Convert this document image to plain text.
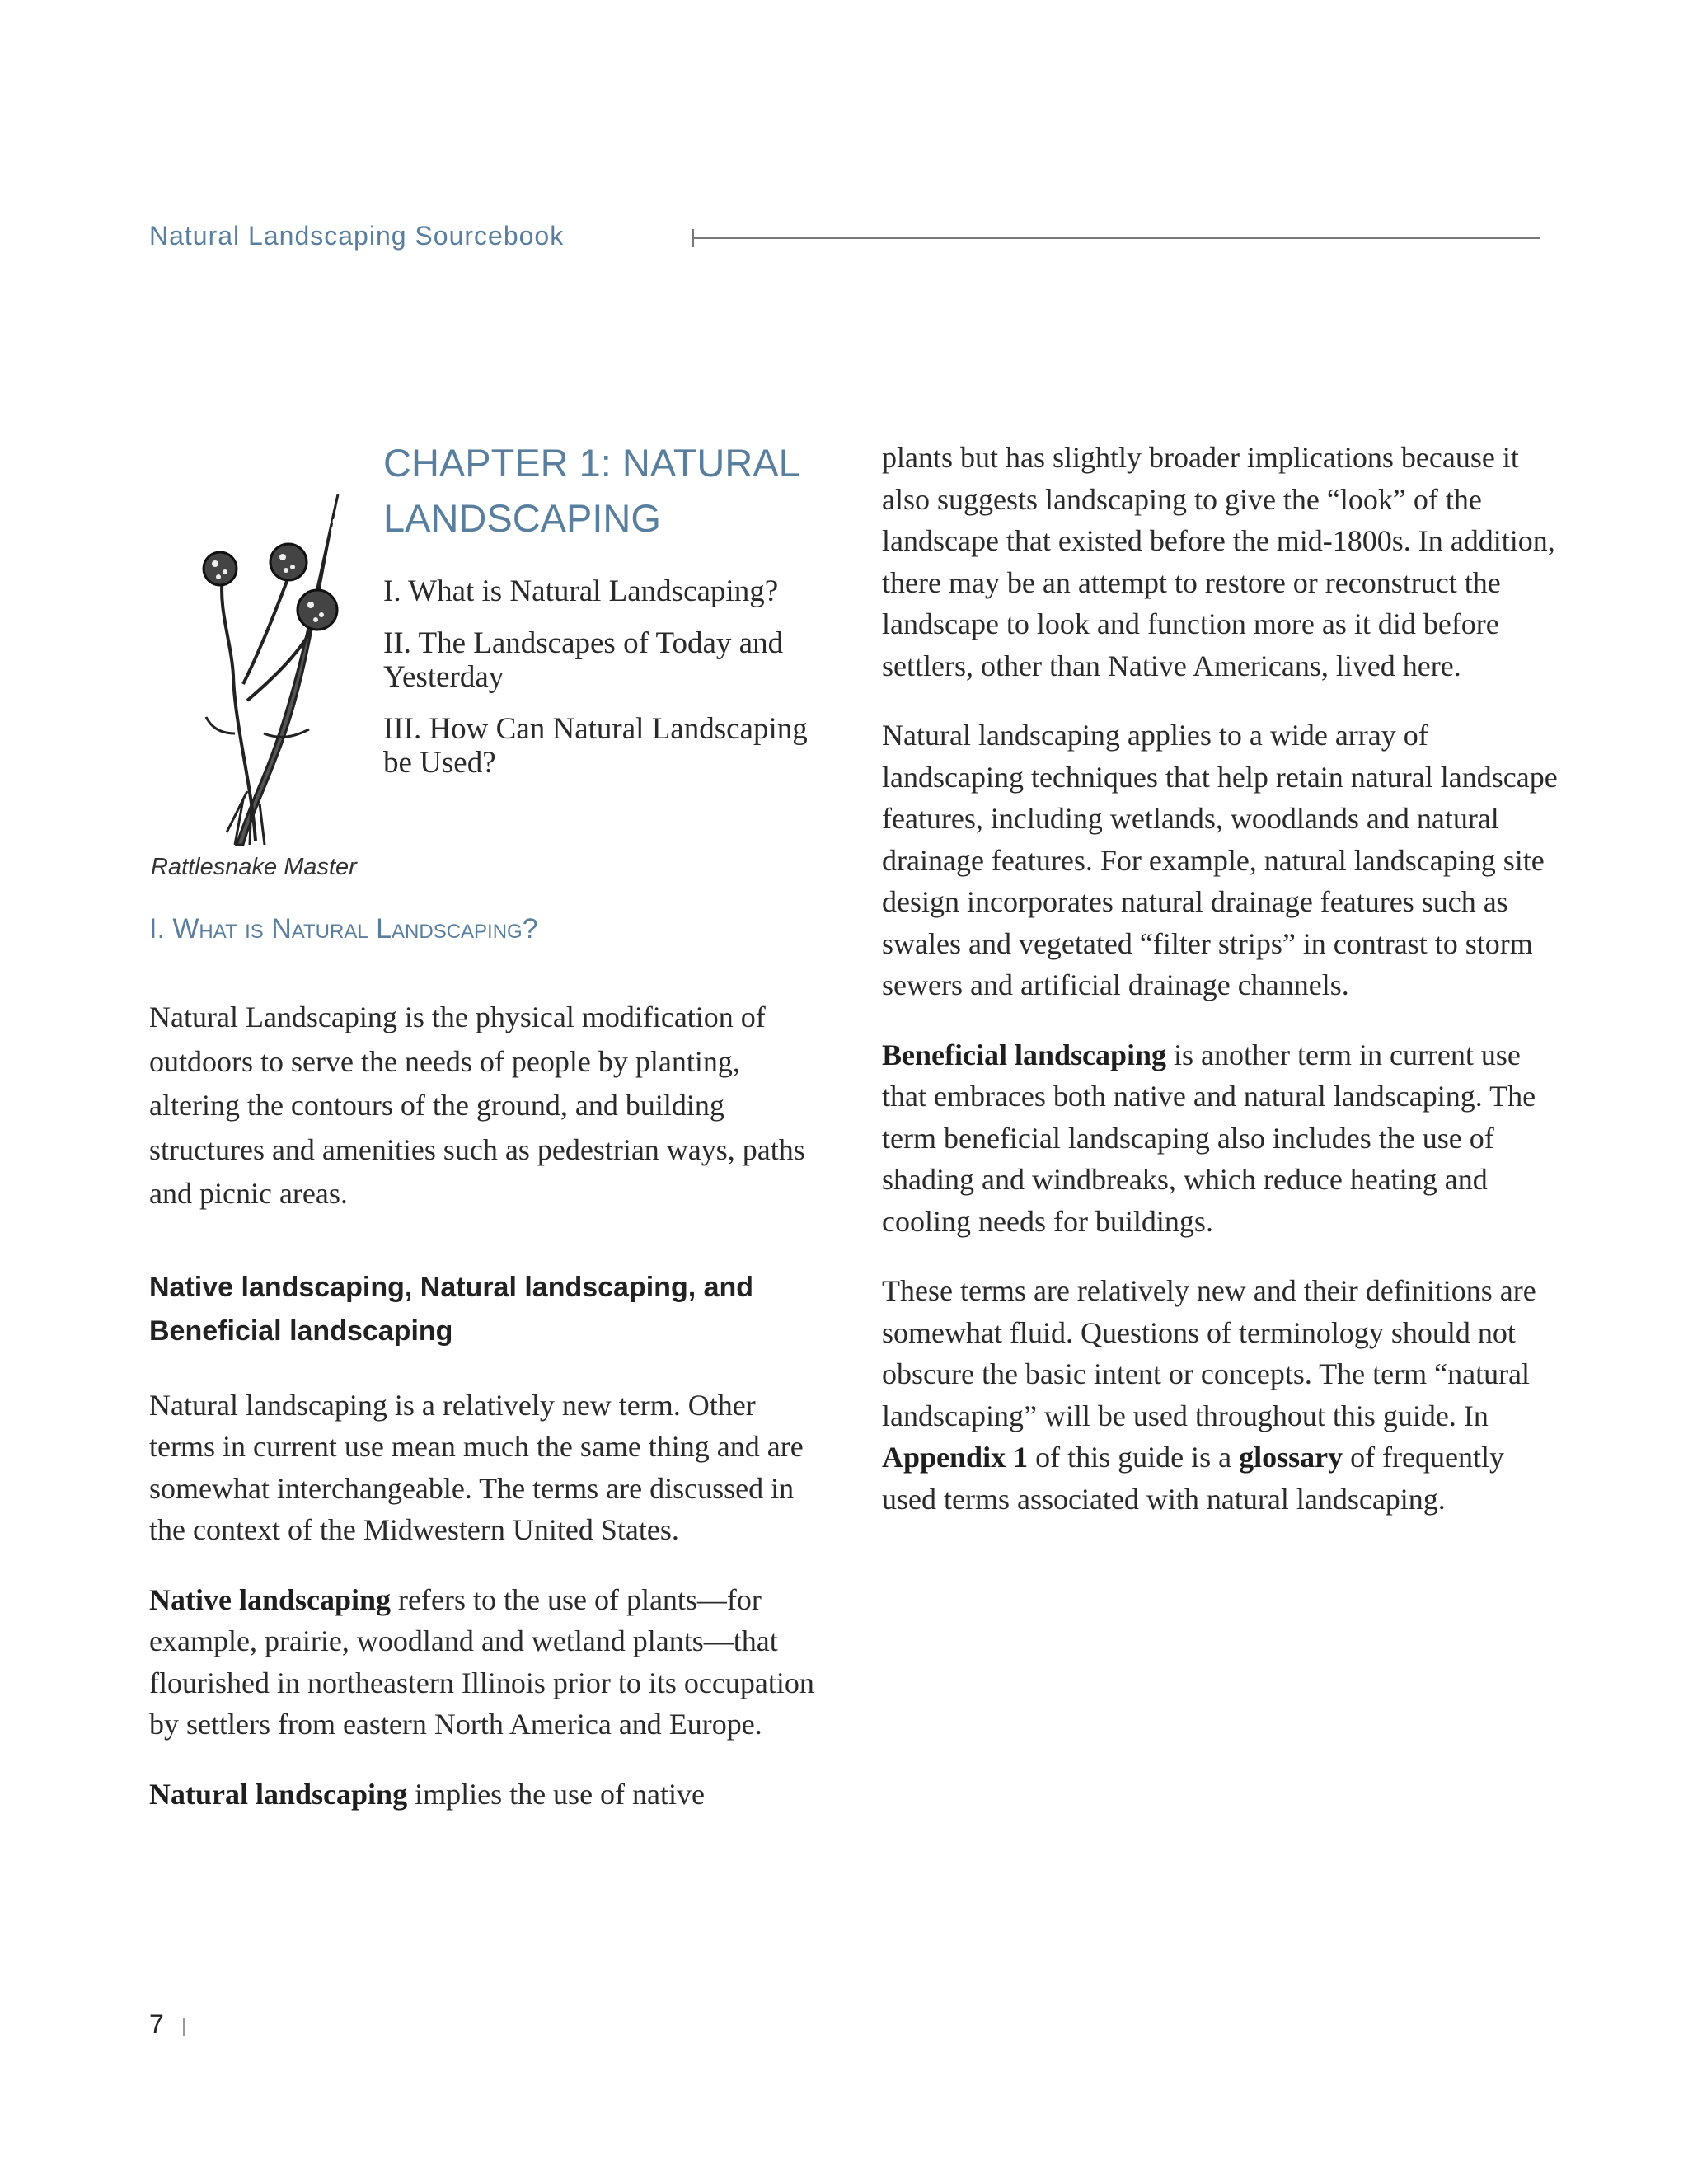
Natural Landscaping Sourcebook
Rattlesnake Master
CHAPTER 1: NATURAL LANDSCAPING
I. What is Natural Landscaping?
II. The Landscapes of Today and Yesterday
III. How Can Natural Landscaping be Used?
I. What is Natural Landscaping?

Natural Landscaping is the physical modification of outdoors to serve the needs of people by planting, altering the contours of the ground, and building structures and amenities such as pedestrian ways, paths and picnic areas.

Native landscaping, Natural landscaping, and Beneficial landscaping

Natural landscaping is a relatively new term. Other terms in current use mean much the same thing and are somewhat interchangeable. The terms are discussed in the context of the Midwestern United States.

Native landscaping refers to the use of plants—for example, prairie, woodland and wetland plants—that flourished in northeastern Illinois prior to its occupation by settlers from eastern North America and Europe.

Natural landscaping implies the use of native

plants but has slightly broader implications because it also suggests landscaping to give the “look” of the landscape that existed before the mid-1800s. In addition, there may be an attempt to restore or reconstruct the landscape to look and function more as it did before settlers, other than Native Americans, lived here.

Natural landscaping applies to a wide array of landscaping techniques that help retain natural landscape features, including wetlands, woodlands and natural drainage features. For example, natural landscaping site design incorporates natural drainage features such as swales and vegetated “filter strips” in contrast to storm sewers and artificial drainage channels.

Beneficial landscaping is another term in current use that embraces both native and natural landscaping. The term beneficial landscaping also includes the use of shading and windbreaks, which reduce heating and cooling needs for buildings.

These terms are relatively new and their definitions are somewhat fluid. Questions of terminology should not obscure the basic intent or concepts. The term “natural landscaping” will be used throughout this guide. In Appendix 1 of this guide is a glossary of frequently used terms associated with natural landscaping.

7
